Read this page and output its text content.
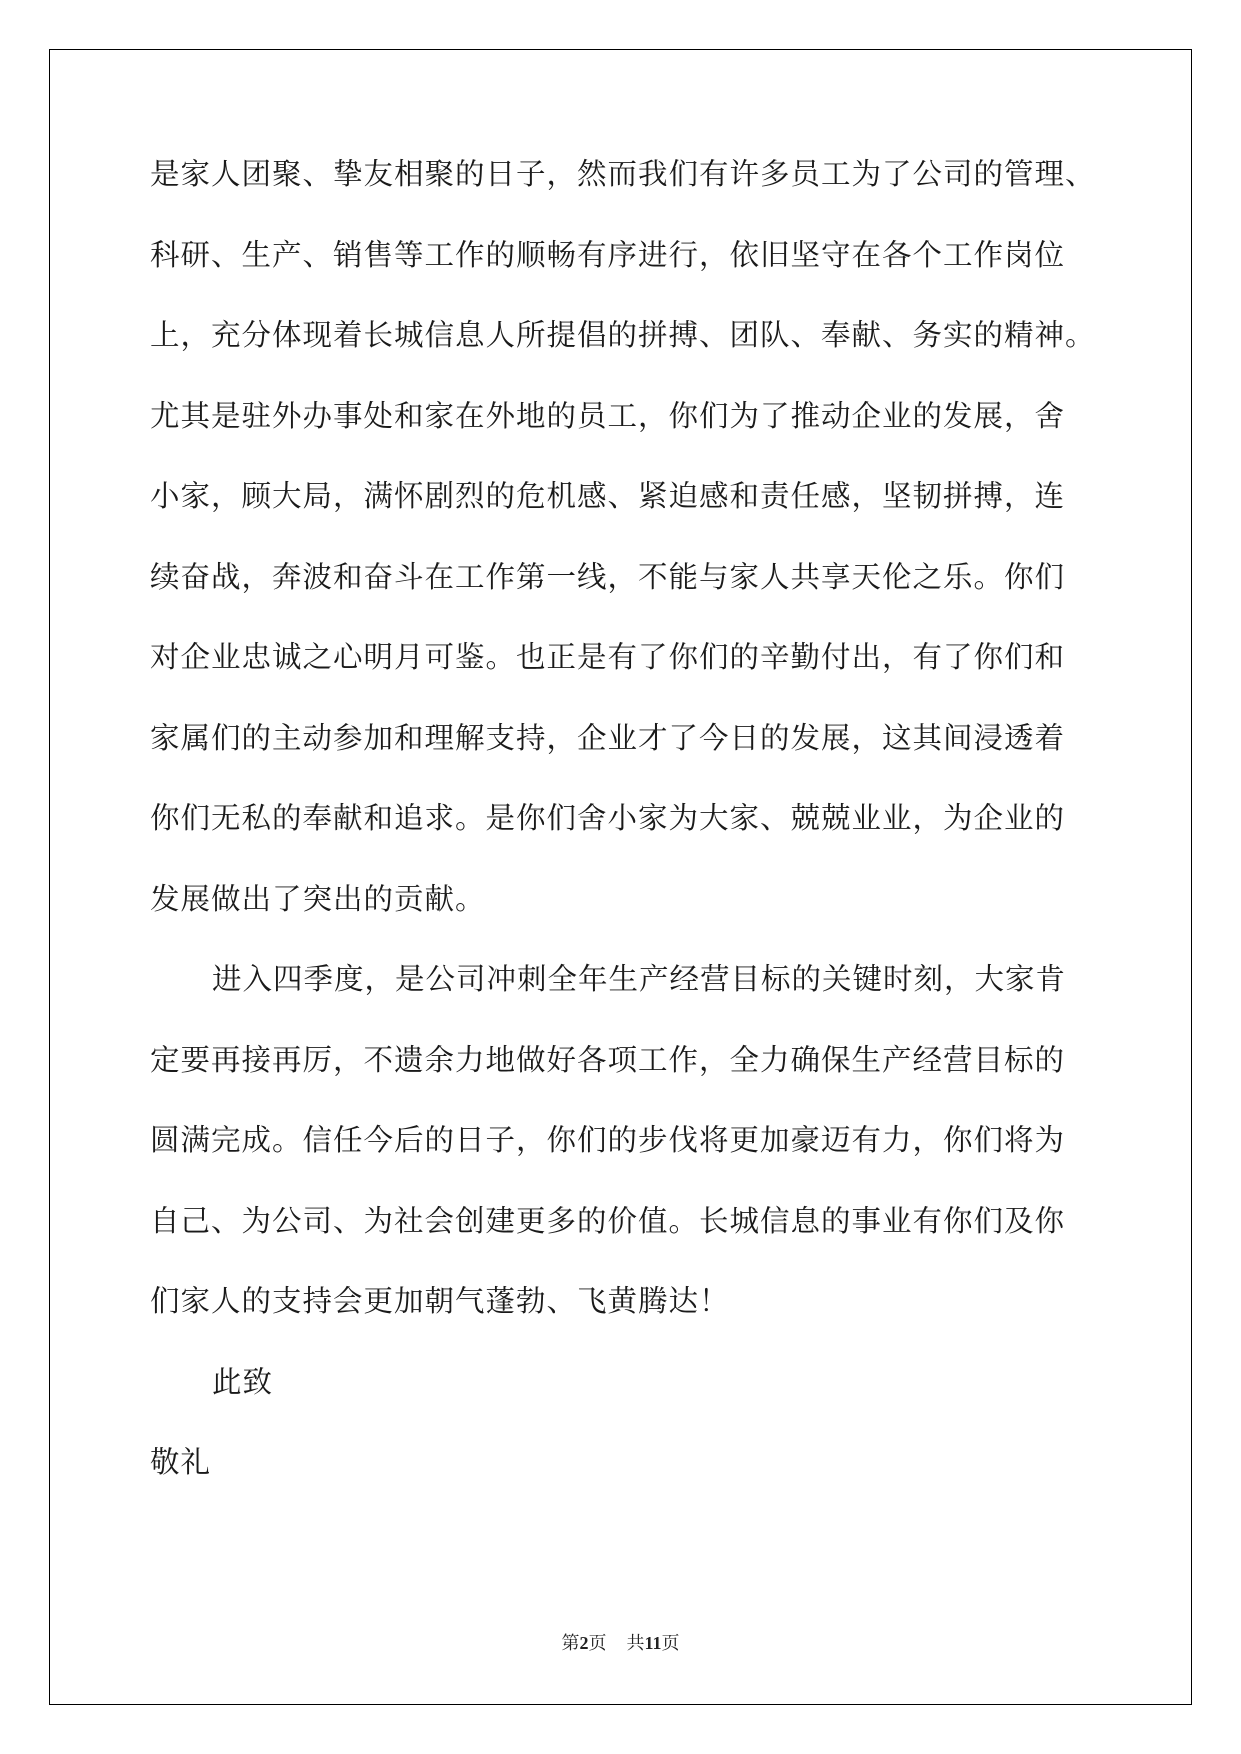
是家人团聚、挚友相聚的日子，然而我们有许多员工为了公司的管理、

科研、生产、销售等工作的顺畅有序进行，依旧坚守在各个工作岗位

上，充分体现着长城信息人所提倡的拼搏、团队、奉献、务实的精神。

尤其是驻外办事处和家在外地的员工，你们为了推动企业的发展，舍

小家，顾大局，满怀剧烈的危机感、紧迫感和责任感，坚韧拼搏，连

续奋战，奔波和奋斗在工作第一线，不能与家人共享天伦之乐。你们

对企业忠诚之心明月可鉴。也正是有了你们的辛勤付出，有了你们和

家属们的主动参加和理解支持，企业才了今日的发展，这其间浸透着

你们无私的奉献和追求。是你们舍小家为大家、兢兢业业，为企业的

发展做出了突出的贡献。

进入四季度，是公司冲刺全年生产经营目标的关键时刻，大家肯

定要再接再厉，不遗余力地做好各项工作，全力确保生产经营目标的

圆满完成。信任今后的日子，你们的步伐将更加豪迈有力，你们将为

自己、为公司、为社会创建更多的价值。长城信息的事业有你们及你

们家人的支持会更加朝气蓬勃、飞黄腾达！

此致

敬礼

第2页 共11页
